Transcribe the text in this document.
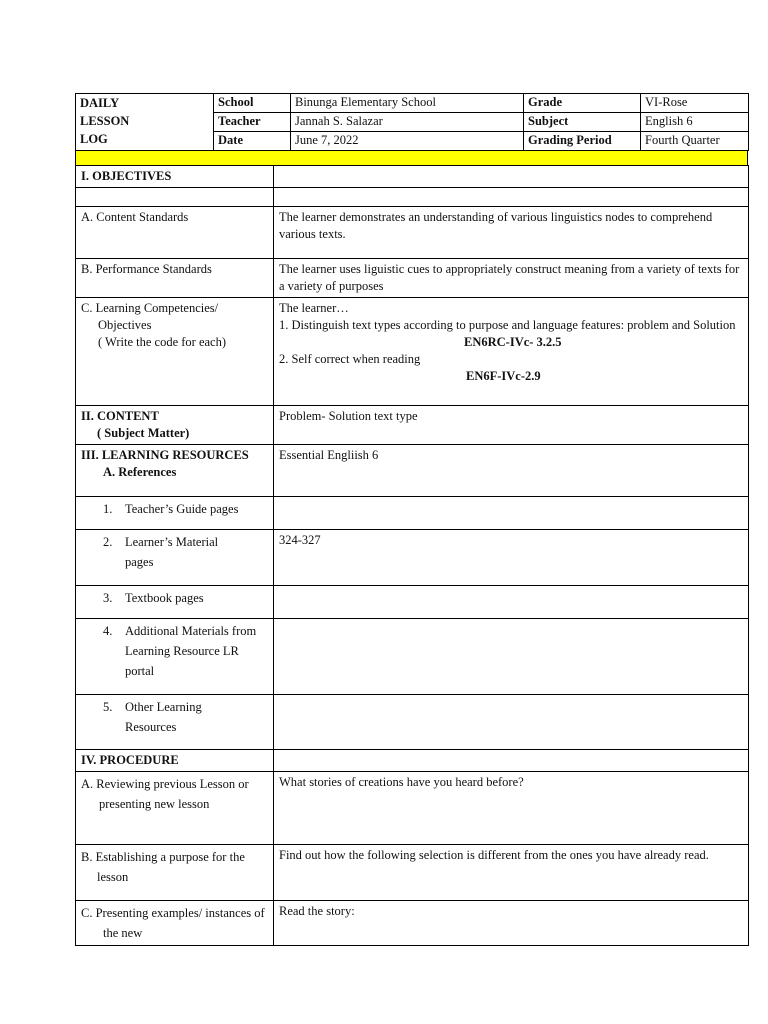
DAILY
LESSON
LOG	School	Binunga Elementary School	Grade	VI-Rose
	Teacher	Jannah S. Salazar	Subject	English 6
	Date	June 7, 2022	Grading Period	Fourth Quarter
I. OBJECTIVES	

A. Content Standards	The learner demonstrates an understanding of various linguistics nodes to comprehend various texts.
B. Performance Standards	The learner uses liguistic cues to appropriately construct meaning from a variety of texts for a variety of purposes
C. Learning Competencies/

Objectives
( Write the code for each)	The learner…
1. Distinguish text types according to purpose and language features: problem and Solution
EN6RC-IVc- 3.2.5
2. Self correct when reading
EN6F-IVc-2.9

II. CONTENT
( Subject Matter)	Problem- Solution text type
III. LEARNING RESOURCES
A. References	Essential Engliish 6

1. Teacher’s Guide pages	

2. Learner’s Material pages	324-327

3. Textbook pages	

4. Additional Materials from Learning Resource LR portal	

5. Other Learning Resources	

IV. PROCEDURE	

A. Reviewing previous Lesson or presenting new lesson	What stories of creations have you heard before?

B. Establishing a purpose for the lesson	Find out how the following selection is different from the ones you have already read.

C. Presenting examples/ instances of the new	Read the story:
